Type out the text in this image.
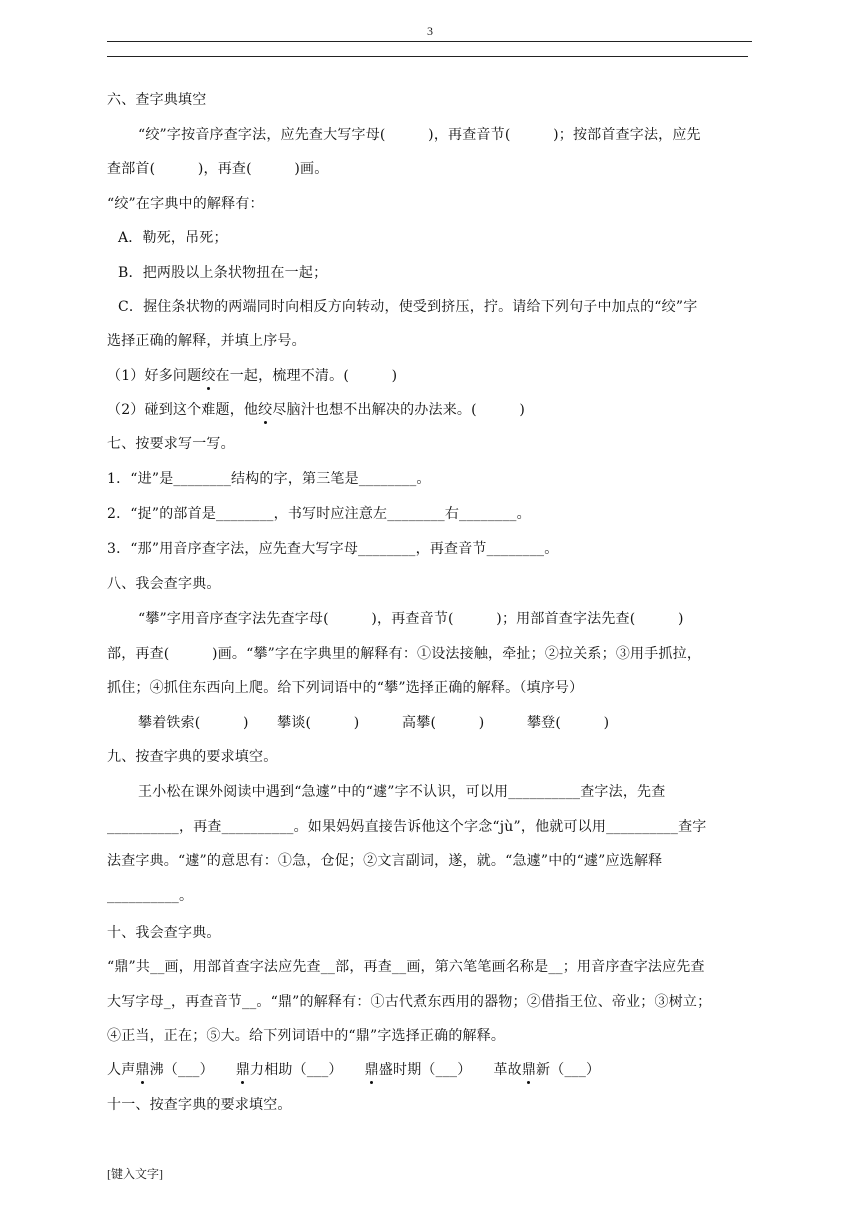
3
六、查字典填空
“绞”字按音序查字法，应先查大写字母(　　　)，再查音节(　　　)；按部首查字法，应先
查部首(　　　)，再查(　　　)画。
“绞”在字典中的解释有：
A．勒死，吊死；
B．把两股以上条状物扭在一起；
C．握住条状物的两端同时向相反方向转动，使受到挤压，拧。请给下列句子中加点的“绞”字
选择正确的解释，并填上序号。
（1）好多问题绞在一起，梳理不清。(　　　)
（2）碰到这个难题，他绞尽脑汁也想不出解决的办法来。(　　　)
七、按要求写一写。
1．“进”是________结构的字，第三笔是________。
2．“捉”的部首是________，书写时应注意左________右________。
3．“那”用音序查字法，应先查大写字母________，再查音节________。
八、我会查字典。
“攀”字用音序查字法先查字母(　　　)，再查音节(　　　)；用部首查字法先查(　　　)
部，再查(　　　)画。“攀”字在字典里的解释有：①设法接触，牵扯；②拉关系；③用手抓拉，
抓住；④抓住东西向上爬。给下列词语中的“攀”选择正确的解释。（填序号）
攀着铁索(　　　)　　攀谈(　　　)　　　高攀(　　　)　　　攀登(　　　)
九、按查字典的要求填空。
王小松在课外阅读中遇到“急遽”中的“遽”字不认识，可以用__________查字法，先查
__________，再查__________。如果妈妈直接告诉他这个字念“jù”，他就可以用__________查字
法查字典。“遽”的意思有：①急，仓促；②文言副词，遂，就。“急遽”中的“遽”应选解释
__________。
十、我会查字典。
“鼎”共__画，用部首查字法应先查__部，再查__画，第六笔笔画名称是__；用音序查字法应先查
大写字母_，再查音节__。“鼎”的解释有：①古代煮东西用的器物；②借指王位、帝业；③树立；
④正当，正在；⑤大。给下列词语中的“鼎”字选择正确的解释。
人声鼎沸（___） 鼎力相助（___） 鼎盛时期（___） 革故鼎新（___）
十一、按查字典的要求填空。
[键入文字]
